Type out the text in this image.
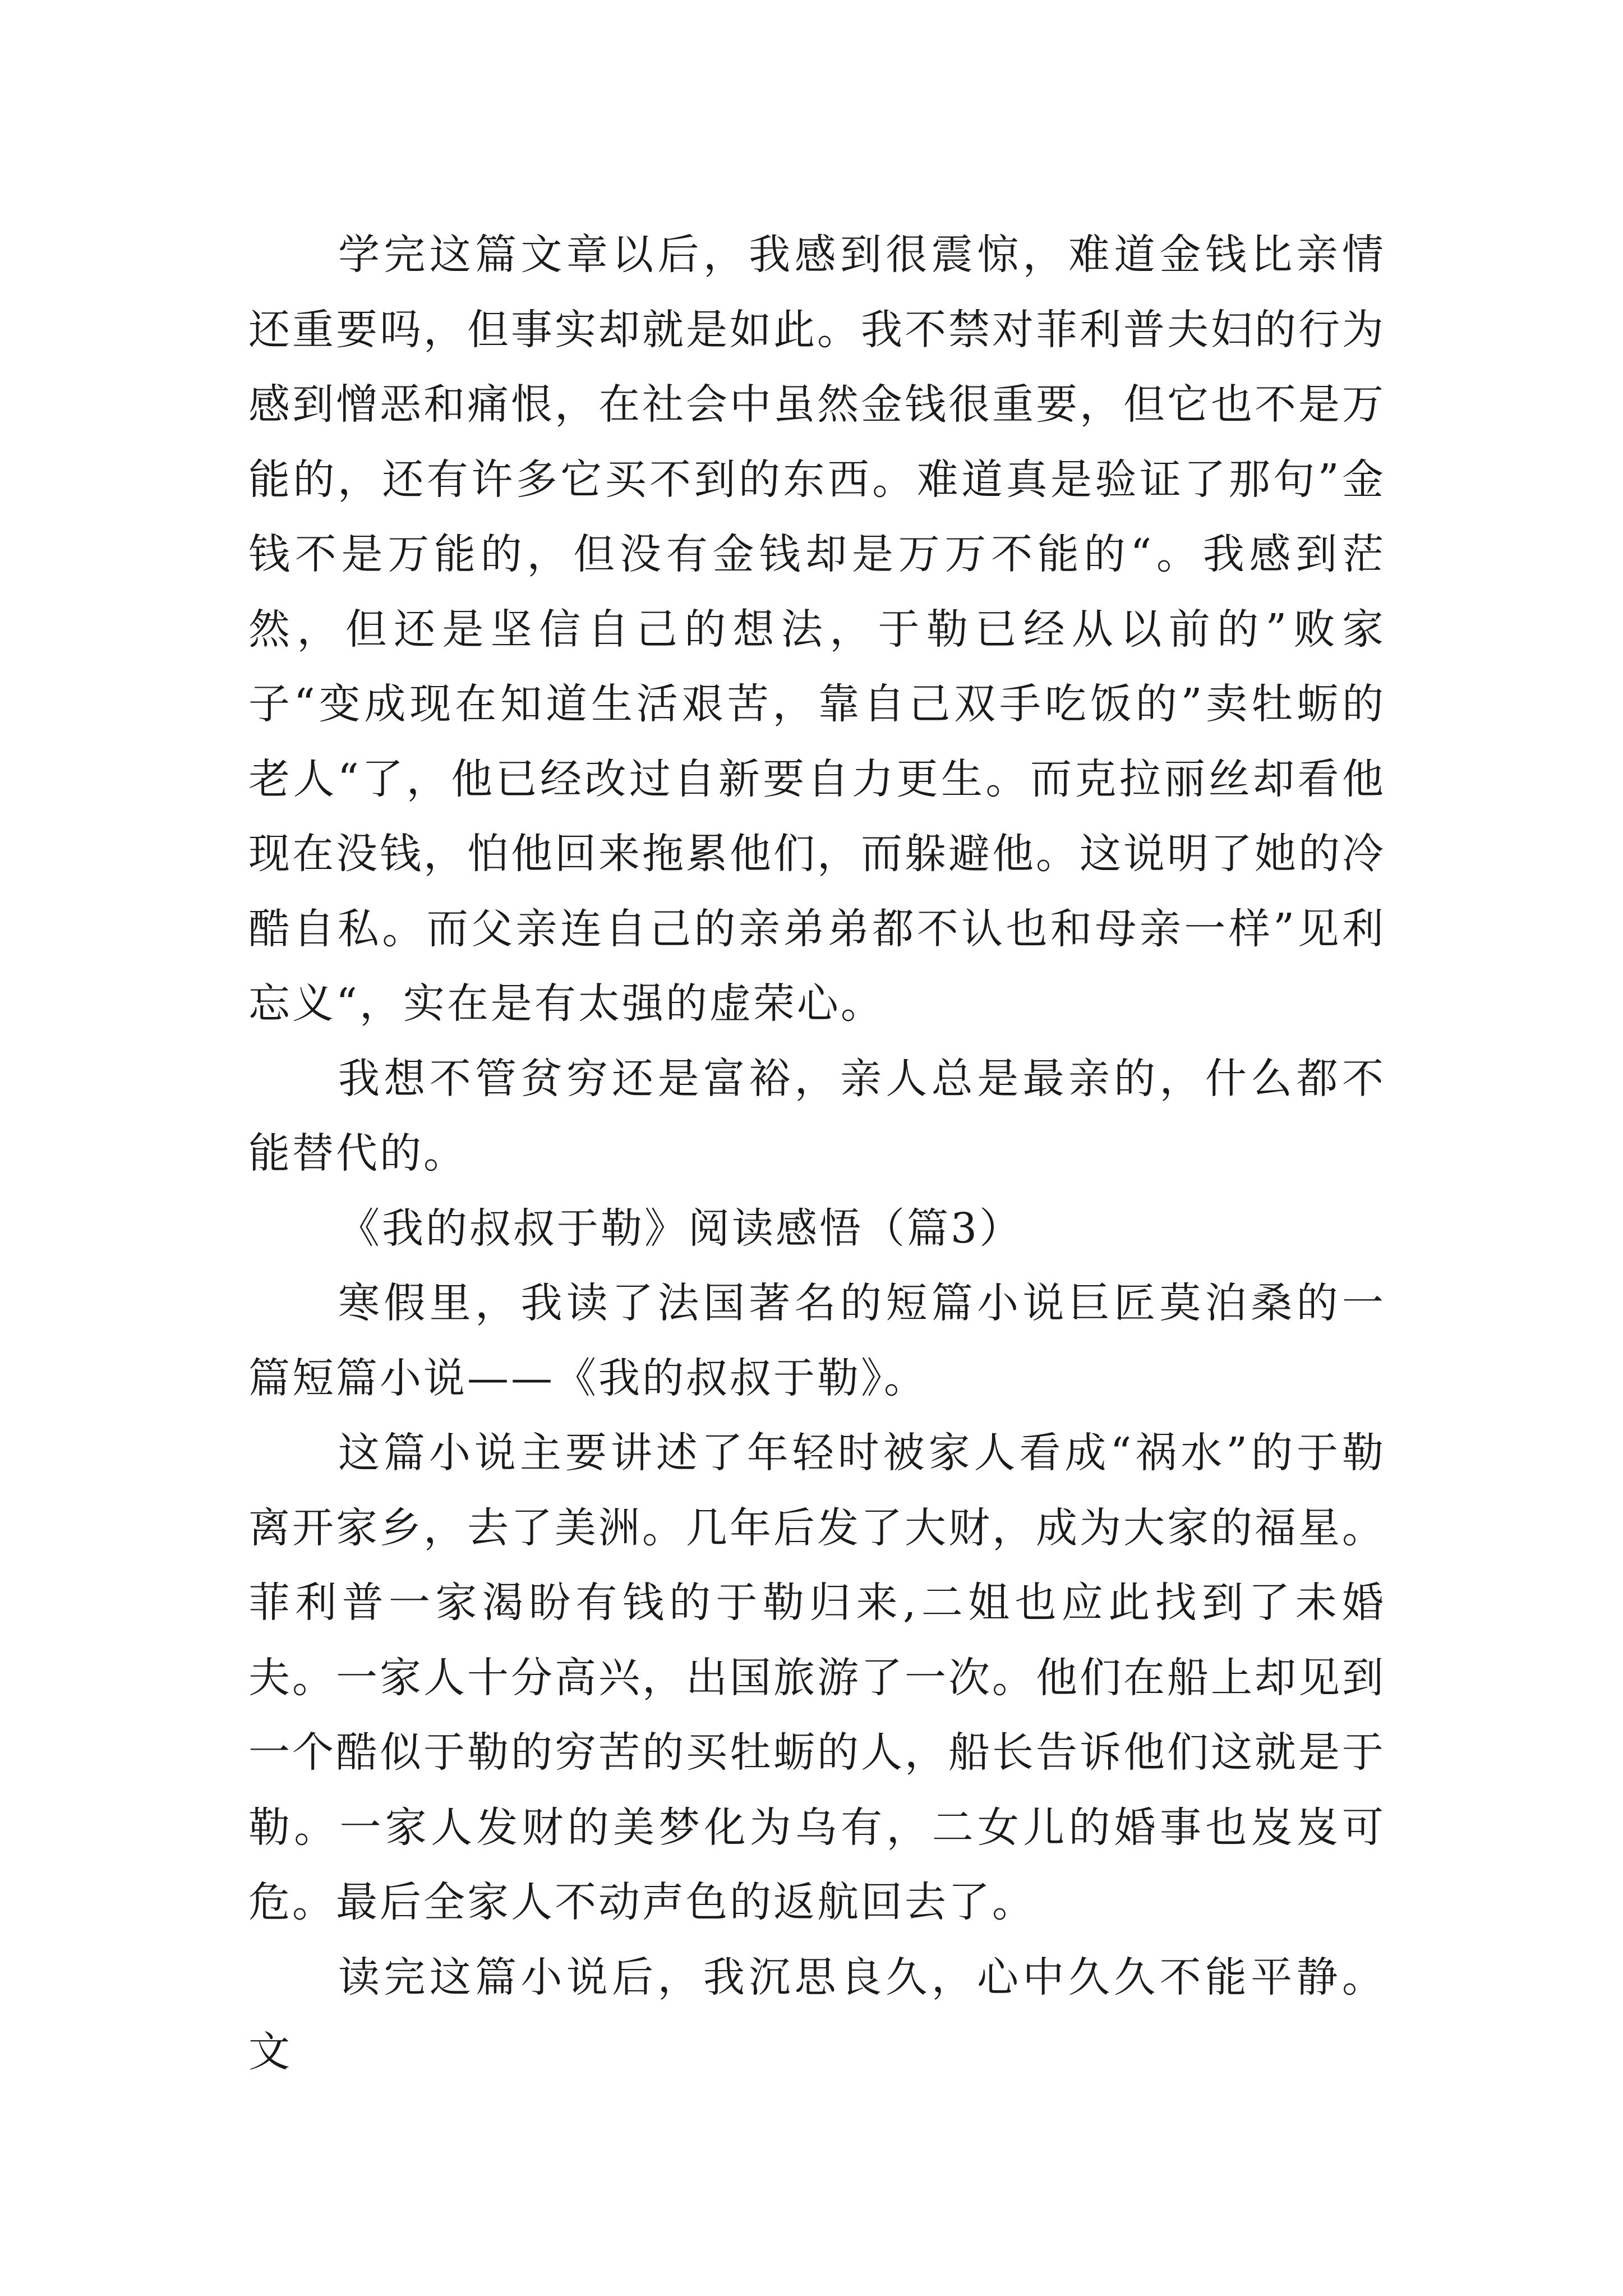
学完这篇文章以后，我感到很震惊，难道金钱比亲情还重要吗，但事实却就是如此。我不禁对菲利普夫妇的行为感到憎恶和痛恨，在社会中虽然金钱很重要，但它也不是万能的，还有许多它买不到的东西。难道真是验证了那句”金钱不是万能的，但没有金钱却是万万不能的“。我感到茫然，但还是坚信自己的想法，于勒已经从以前的”败家子“变成现在知道生活艰苦，靠自己双手吃饭的”卖牡蛎的老人“了，他已经改过自新要自力更生。而克拉丽丝却看他现在没钱，怕他回来拖累他们，而躲避他。这说明了她的冷酷自私。而父亲连自己的亲弟弟都不认也和母亲一样”见利忘义“，实在是有太强的虚荣心。

我想不管贫穷还是富裕，亲人总是最亲的，什么都不能替代的。

《我的叔叔于勒》阅读感悟（篇3）

寒假里，我读了法国著名的短篇小说巨匠莫泊桑的一篇短篇小说——《我的叔叔于勒》。

这篇小说主要讲述了年轻时被家人看成“祸水”的于勒离开家乡，去了美洲。几年后发了大财，成为大家的福星。菲利普一家渴盼有钱的于勒归来,二姐也应此找到了未婚夫。一家人十分高兴，出国旅游了一次。他们在船上却见到一个酷似于勒的穷苦的买牡蛎的人，船长告诉他们这就是于勒。一家人发财的美梦化为乌有，二女儿的婚事也岌岌可危。最后全家人不动声色的返航回去了。

读完这篇小说后，我沉思良久，心中久久不能平静。文
